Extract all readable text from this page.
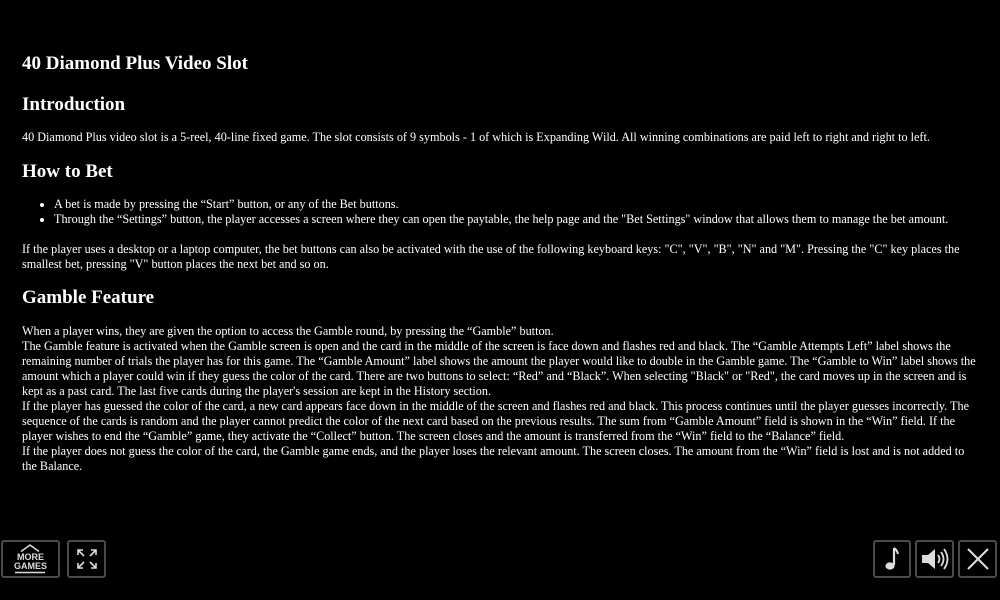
40 Diamond Plus Video Slot
Introduction

40 Diamond Plus video slot is a 5-reel, 40-line fixed game. The slot consists of 9 symbols - 1 of which is Expanding Wild. All winning combinations are paid left to right and right to left.

How to Bet
• A bet is made by pressing the “Start” button, or any of the Bet buttons.
• Through the “Settings” button, the player accesses a screen where they can open the paytable, the help page and the "Bet Settings" window that allows them to manage the bet amount.

If the player uses a desktop or a laptop computer, the bet buttons can also be activated with the use of the following keyboard keys: "C", "V", "B", "N" and "M". Pressing the "C" key places the smallest bet, pressing "V" button places the next bet and so on.

Gamble Feature

When a player wins, they are given the option to access the Gamble round, by pressing the “Gamble” button.

The Gamble feature is activated when the Gamble screen is open and the card in the middle of the screen is face down and flashes red and black. The “Gamble Attempts Left” label shows the remaining number of trials the player has for this game. The “Gamble Amount” label shows the amount the player would like to double in the Gamble game. The “Gamble to Win” label shows the amount which a player could win if they guess the color of the card. There are two buttons to select: “Red” and “Black”. When selecting "Black" or "Red", the card moves up in the screen and is kept as a past card. The last five cards during the player's session are kept in the History section.

If the player has guessed the color of the card, a new card appears face down in the middle of the screen and flashes red and black. This process continues until the player guesses incorrectly. The sequence of the cards is random and the player cannot predict the color of the next card based on the previous results. The sum from “Gamble Amount” field is shown in the “Win” field. If the player wishes to end the “Gamble” game, they activate the “Collect” button. The screen closes and the amount is transferred from the “Win” field to the “Balance” field.

If the player does not guess the color of the card, the Gamble game ends, and the player loses the relevant amount. The screen closes. The amount from the “Win” field is lost and is not added to the Balance.

MORE
GAMES
